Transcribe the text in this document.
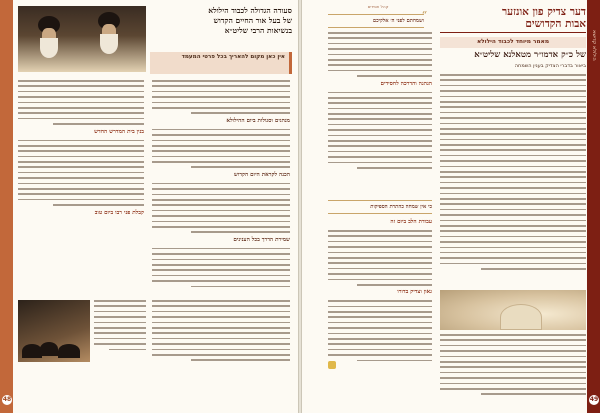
48
סעודה הגדולה לכבוד הילולא
של בעל אור החיים הקדוש
בנשיאות הרבי שליט״א
אין כאן מקום להאריך בכל פרטי המעמד
מנהגים וסגולות ביום ההילולא
הכנה לקראת היום הקדוש
שמירת הדרך בכל הענינים
בנין בית המדרש החדש
קבלת פני רבו ביום טוב
קהל חסידים	דער צדיק פון אונזער
אבות הקדושים
מאמר מיוחד לכבוד הילולא
של כ״ק אדמו״ר מטאלנא שליט״א
ביאור בדברי הצדיק בענין השמחה
“
ושמחתם לפני ה׳ אלקיכם
הנהגה והדרכה לחסידים
כי אין שמחה כהתרת הספיקות
עבודת הלב ביום זה
גאון וצדיק בדורו
הילולא קדישא
49
